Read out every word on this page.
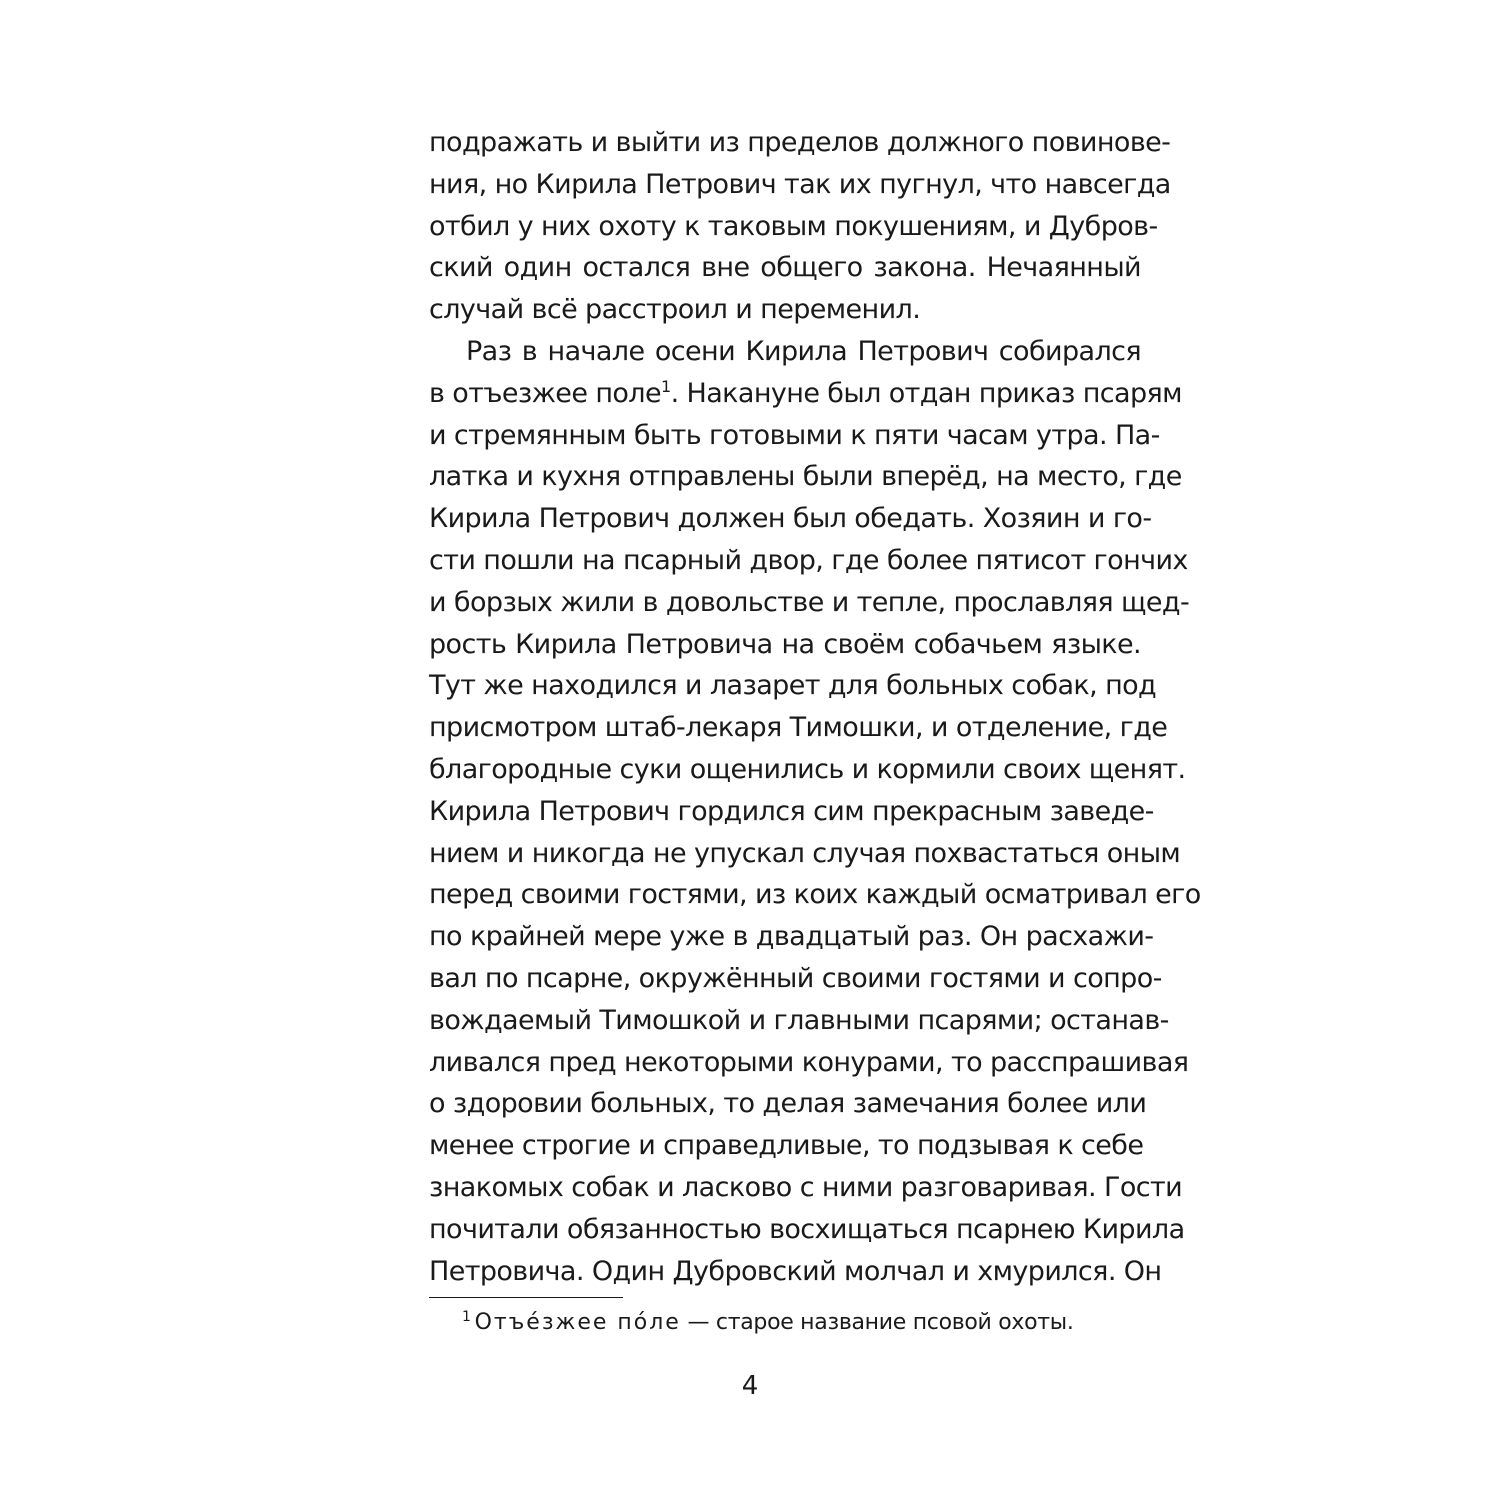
подражать и выйти из пределов должного повинове-
ния, но Кирила Петрович так их пугнул, что навсегда
отбил у них охоту к таковым покушениям, и Дубров-
ский один остался вне общего закона. Нечаянный
случай всё расстроил и переменил.
Раз в начале осени Кирила Петрович собирался
в отъезжее поле$^1$. Накануне был отдан приказ псарям
и стремянным быть готовыми к пяти часам утра. Па-
латка и кухня отправлены были вперёд, на место, где
Кирила Петрович должен был обедать. Хозяин и го-
сти пошли на псарный двор, где более пятисот гончих
и борзых жили в довольстве и тепле, прославляя щед-
рость Кирила Петровича на своём собачьем языке.
Тут же находился и лазарет для больных собак, под
присмотром штаб-лекаря Тимошки, и отделение, где
благородные суки ощенились и кормили своих щенят.
Кирила Петрович гордился сим прекрасным заведе-
нием и никогда не упускал случая похвастаться оным
перед своими гостями, из коих каждый осматривал его
по крайней мере уже в двадцатый раз. Он расхажи-
вал по псарне, окружённый своими гостями и сопро-
вождаемый Тимошкой и главными псарями; останав-
ливался пред некоторыми конурами, то расспрашивая
о здоровии больных, то делая замечания более или
менее строгие и справедливые, то подзывая к себе
знакомых собак и ласково с ними разговаривая. Гости
почитали обязанностью восхищаться псарнею Кирила
Петровича. Один Дубровский молчал и хмурился. Он
$^1$ Отъе́зжее по́ле — старое название псовой охоты.
4
